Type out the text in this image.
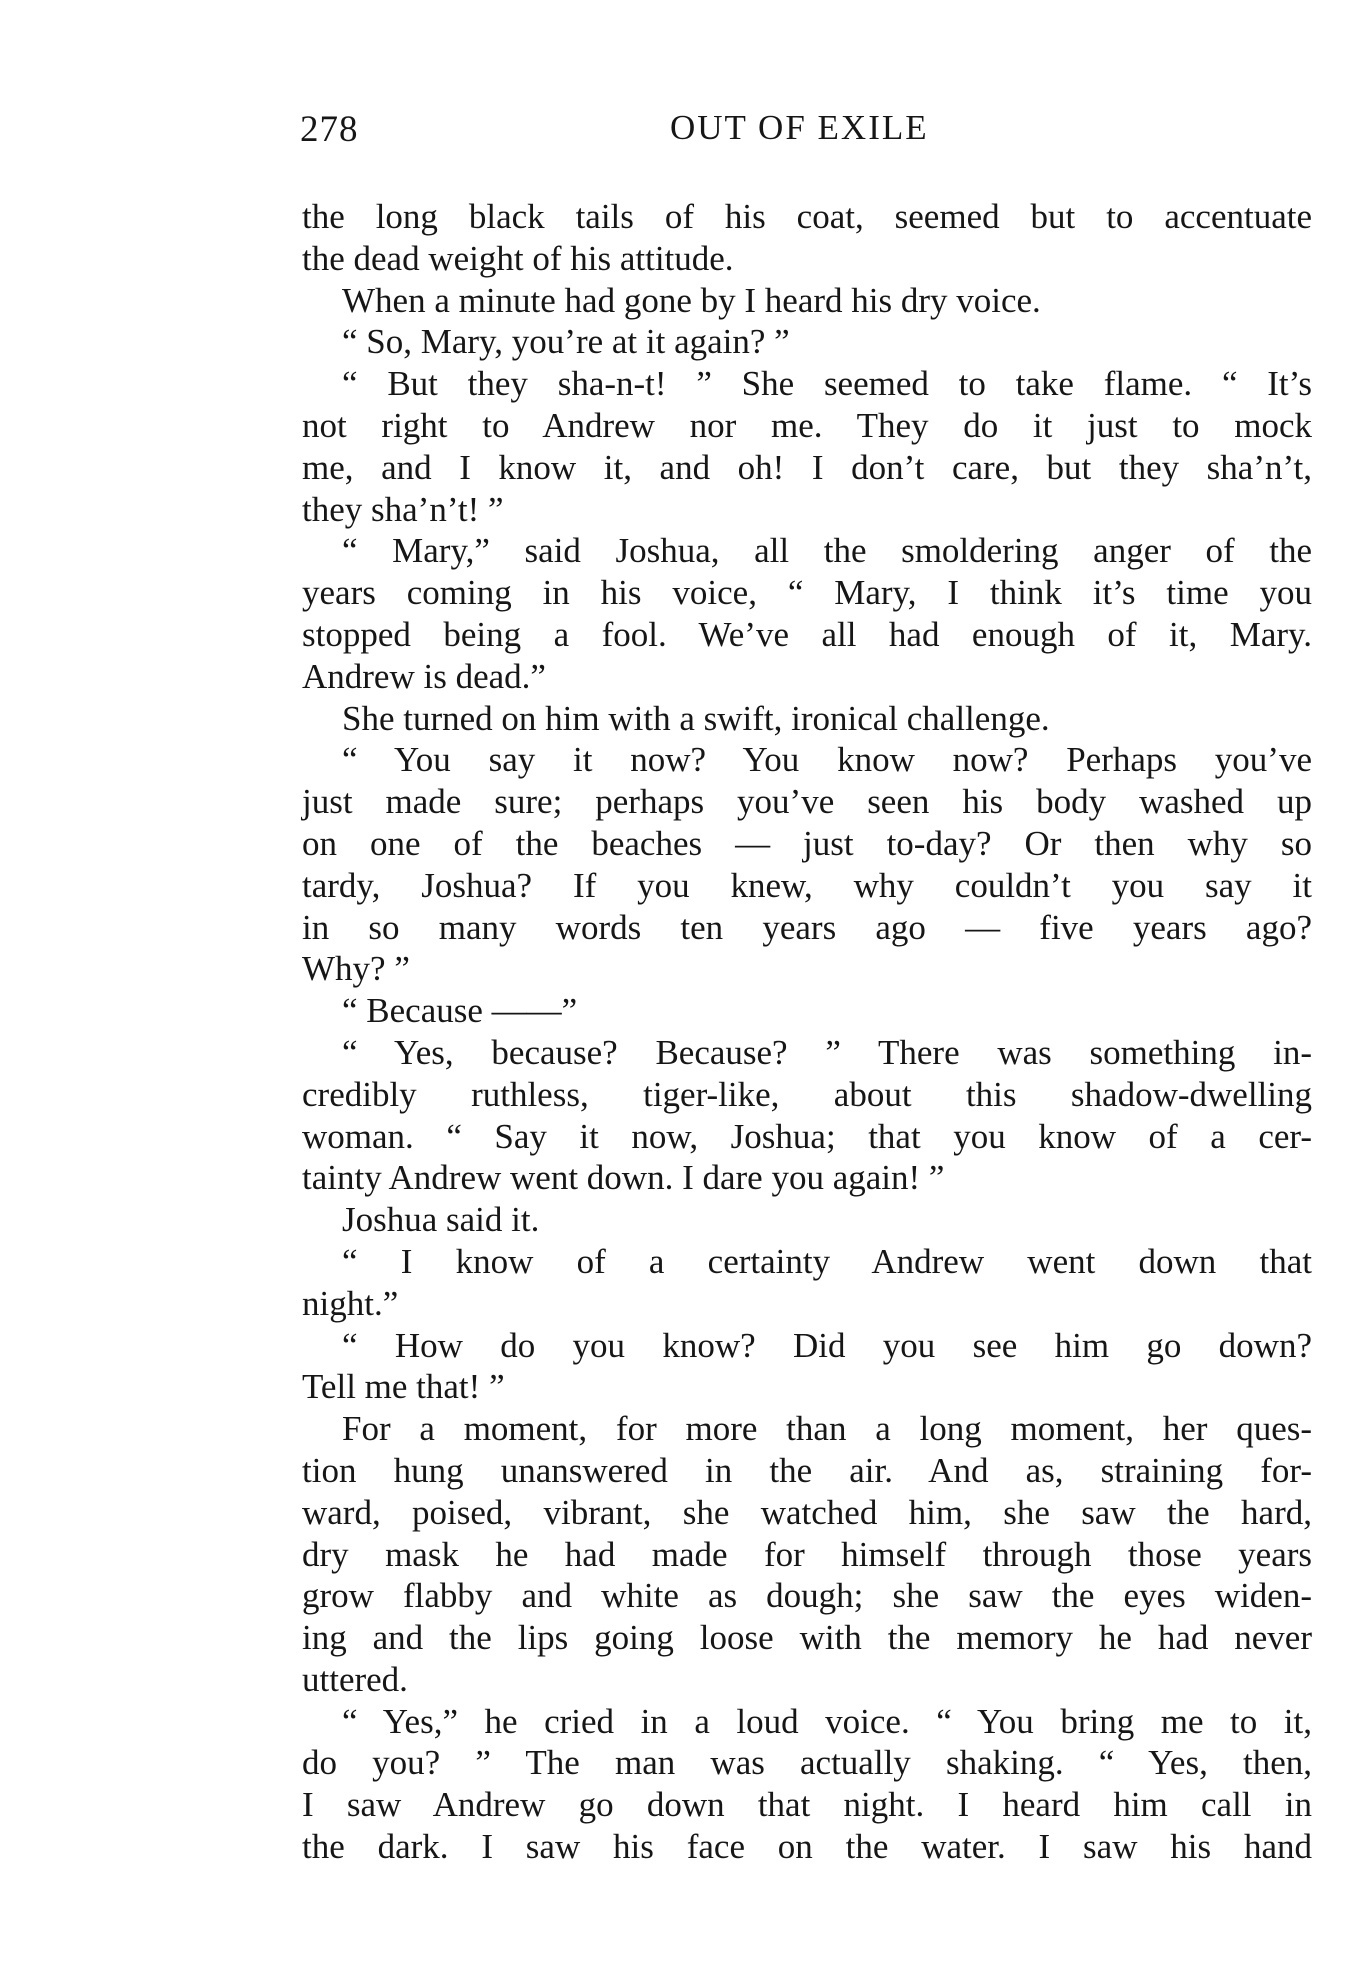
278	OUT OF EXILE
the long black tails of his coat, seemed but to accentuate
the dead weight of his attitude.
When a minute had gone by I heard his dry voice.
“ So, Mary, you’re at it again? ”
“ But they sha-n-t! ” She seemed to take flame. “ It’s
not right to Andrew nor me. They do it just to mock
me, and I know it, and oh! I don’t care, but they sha’n’t,
they sha’n’t! ”
“ Mary,” said Joshua, all the smoldering anger of the
years coming in his voice, “ Mary, I think it’s time you
stopped being a fool. We’ve all had enough of it, Mary.
Andrew is dead.”
She turned on him with a swift, ironical challenge.
“ You say it now? You know now? Perhaps you’ve
just made sure; perhaps you’ve seen his body washed up
on one of the beaches — just to-day? Or then why so
tardy, Joshua? If you knew, why couldn’t you say it
in so many words ten years ago — five years ago?
Why? ”
“ Because ——”
“ Yes, because? Because? ” There was something in-
credibly ruthless, tiger-like, about this shadow-dwelling
woman. “ Say it now, Joshua; that you know of a cer-
tainty Andrew went down. I dare you again! ”
Joshua said it.
“ I know of a certainty Andrew went down that
night.”
“ How do you know? Did you see him go down?
Tell me that! ”
For a moment, for more than a long moment, her ques-
tion hung unanswered in the air. And as, straining for-
ward, poised, vibrant, she watched him, she saw the hard,
dry mask he had made for himself through those years
grow flabby and white as dough; she saw the eyes widen-
ing and the lips going loose with the memory he had never
uttered.
“ Yes,” he cried in a loud voice. “ You bring me to it,
do you? ” The man was actually shaking. “ Yes, then,
I saw Andrew go down that night. I heard him call in
the dark. I saw his face on the water. I saw his hand
